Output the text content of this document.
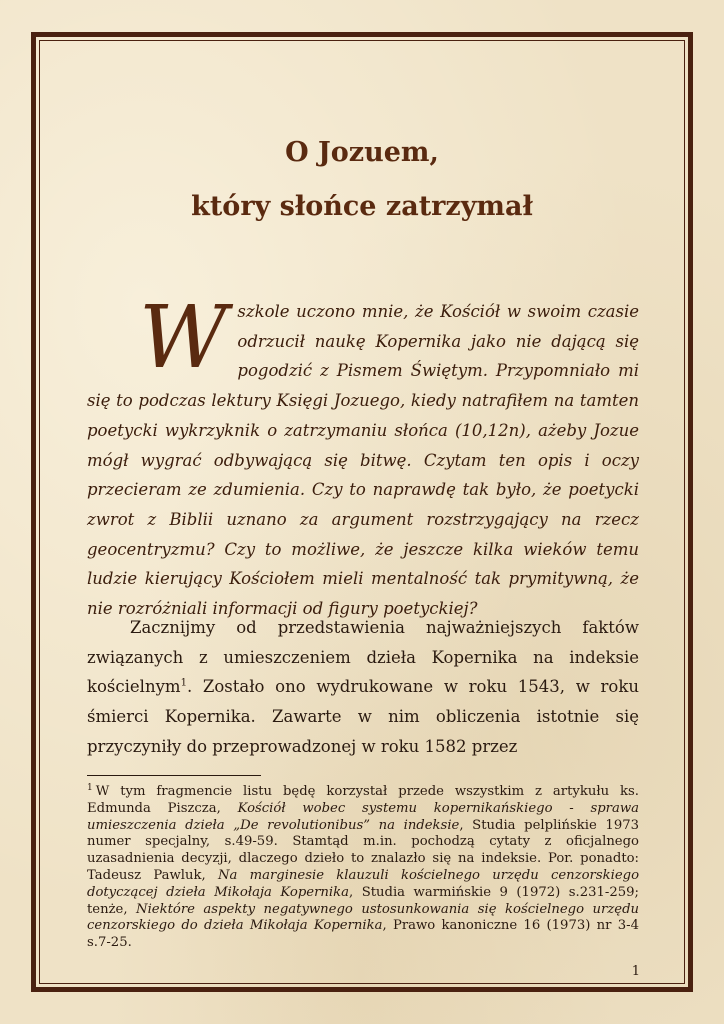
O Jozuem,
który słońce zatrzymał

Wszkole uczono mnie, że Kościół w swoim czasie odrzucił naukę Kopernika jako nie dającą się pogodzić z Pismem Świętym. Przypomniało mi się to podczas lektury Księgi Jozuego, kiedy natrafiłem na tamten poetycki wykrzyknik o zatrzymaniu słońca (10,12n), ażeby Jozue mógł wygrać odbywającą się bitwę. Czytam ten opis i oczy przecieram ze zdumienia. Czy to naprawdę tak było, że poetycki zwrot z Biblii uznano za argument rozstrzygający na rzecz geocentryzmu? Czy to możliwe, że jeszcze kilka wieków temu ludzie kierujący Kościołem mieli mentalność tak prymitywną, że nie rozróżniali informacji od figury poetyckiej?

Zacznijmy od przedstawienia najważniejszych faktów związanych z umieszczeniem dzieła Kopernika na indeksie kościelnym$^1$. Zostało ono wydrukowane w roku 1543, w roku śmierci Kopernika. Zawarte w nim obliczenia istotnie się przyczyniły do przeprowadzonej w roku 1582 przez

$^1$ W tym fragmencie listu będę korzystał przede wszystkim z artykułu ks. Edmunda Piszcza, Kościół wobec systemu kopernikańskiego - sprawa umieszczenia dzieła „De revolutionibus” na indeksie, Studia pelplińskie 1973 numer specjalny, s.49-59. Stamtąd m.in. pochodzą cytaty z oficjalnego uzasadnienia decyzji, dlaczego dzieło to znalazło się na indeksie. Por. ponadto: Tadeusz Pawluk, Na marginesie klauzuli kościelnego urzędu cenzorskiego dotyczącej dzieła Mikołaja Kopernika, Studia warmińskie 9 (1972) s.231-259; tenże, Niektóre aspekty negatywnego ustosunkowania się kościelnego urzędu cenzorskiego do dzieła Mikołaja Kopernika, Prawo kanoniczne 16 (1973) nr 3-4 s.7-25.

1
